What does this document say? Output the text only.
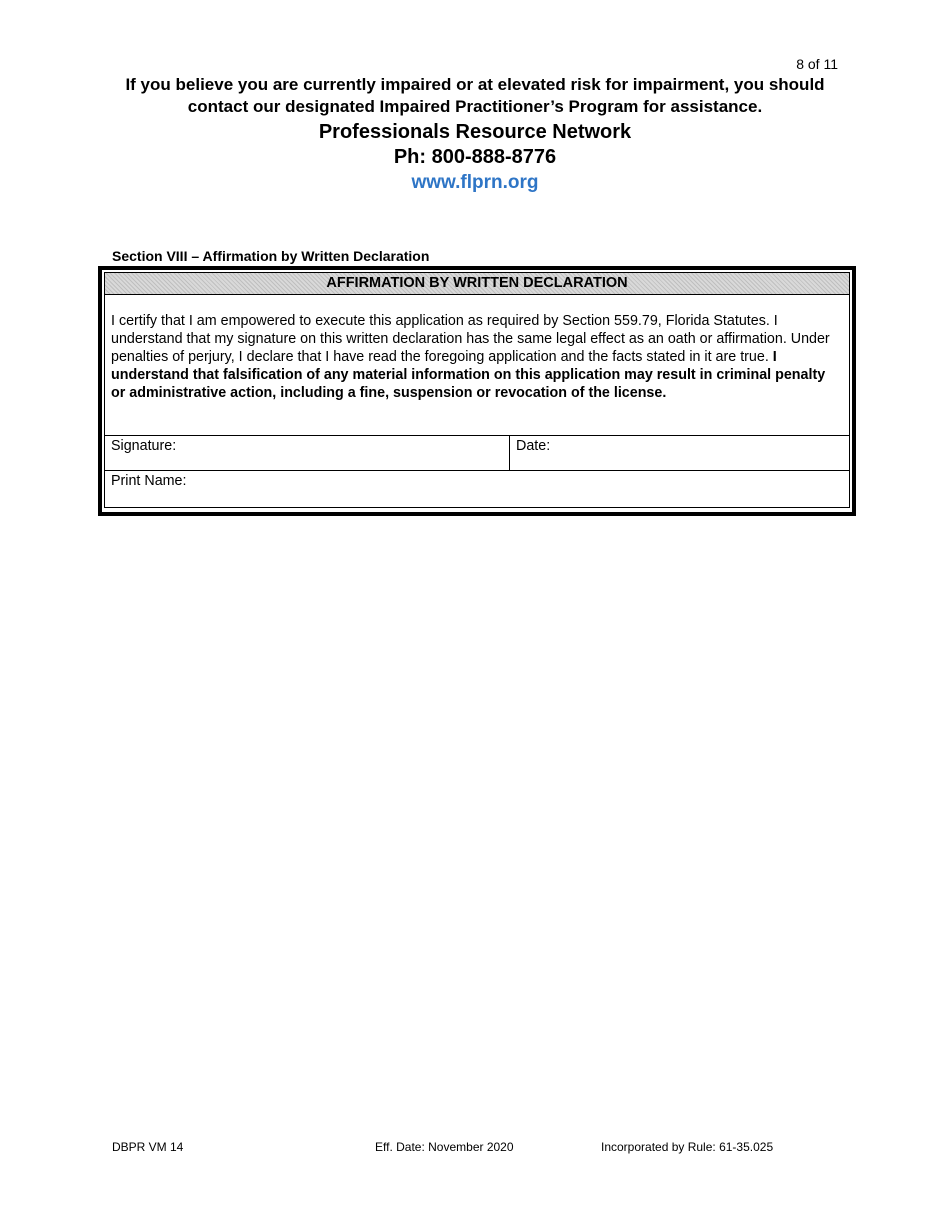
8 of 11
If you believe you are currently impaired or at elevated risk for impairment, you should contact our designated Impaired Practitioner’s Program for assistance.
Professionals Resource Network
Ph: 800-888-8776
www.flprn.org
Section VIII – Affirmation by Written Declaration
AFFIRMATION BY WRITTEN DECLARATION
I certify that I am empowered to execute this application as required by Section 559.79, Florida Statutes. I understand that my signature on this written declaration has the same legal effect as an oath or affirmation. Under penalties of perjury, I declare that I have read the foregoing application and the facts stated in it are true. I understand that falsification of any material information on this application may result in criminal penalty or administrative action, including a fine, suspension or revocation of the license.
Signature:	Date:
Print Name:
DBPR VM 14	Eff. Date: November 2020	Incorporated by Rule: 61-35.025
